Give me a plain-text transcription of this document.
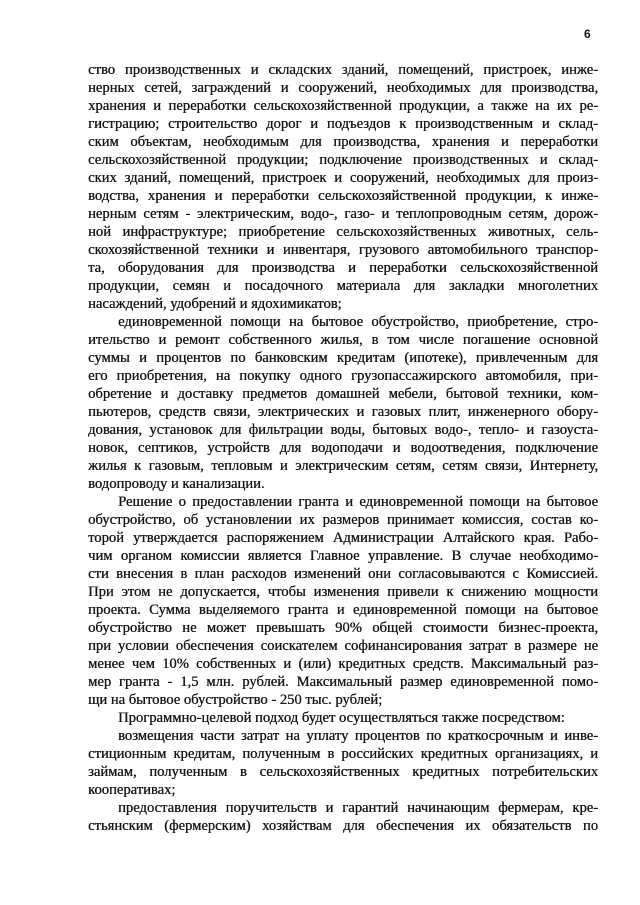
6
ство производственных и складских зданий, помещений, пристроек, инже-
нерных сетей, заграждений и сооружений, необходимых для производства,
хранения и переработки сельскохозяйственной продукции, а также на их ре-
гистрацию; строительство дорог и подъездов к производственным и склад-
ским объектам, необходимым для производства, хранения и переработки
сельскохозяйственной продукции; подключение производственных и склад-
ских зданий, помещений, пристроек и сооружений, необходимых для произ-
водства, хранения и переработки сельскохозяйственной продукции, к инже-
нерным сетям - электрическим, водо-, газо- и теплопроводным сетям, дорож-
ной инфраструктуре; приобретение сельскохозяйственных животных, сель-
скохозяйственной техники и инвентаря, грузового автомобильного транспор-
та, оборудования для производства и переработки сельскохозяйственной
продукции, семян и посадочного материала для закладки многолетних
насаждений, удобрений и ядохимикатов;
единовременной помощи на бытовое обустройство, приобретение, стро-
ительство и ремонт собственного жилья, в том числе погашение основной
суммы и процентов по банковским кредитам (ипотеке), привлеченным для
его приобретения, на покупку одного грузопассажирского автомобиля, при-
обретение и доставку предметов домашней мебели, бытовой техники, ком-
пьютеров, средств связи, электрических и газовых плит, инженерного обору-
дования, установок для фильтрации воды, бытовых водо-, тепло- и газоуста-
новок, септиков, устройств для водоподачи и водоотведения, подключение
жилья к газовым, тепловым и электрическим сетям, сетям связи, Интернету,
водопроводу и канализации.
Решение о предоставлении гранта и единовременной помощи на бытовое
обустройство, об установлении их размеров принимает комиссия, состав ко-
торой утверждается распоряжением Администрации Алтайского края. Рабо-
чим органом комиссии является Главное управление. В случае необходимо-
сти внесения в план расходов изменений они согласовываются с Комиссией.
При этом не допускается, чтобы изменения привели к снижению мощности
проекта. Сумма выделяемого гранта и единовременной помощи на бытовое
обустройство не может превышать 90% общей стоимости бизнес-проекта,
при условии обеспечения соискателем софинансирования затрат в размере не
менее чем 10% собственных и (или) кредитных средств. Максимальный раз-
мер гранта - 1,5 млн. рублей. Максимальный размер единовременной помо-
щи на бытовое обустройство - 250 тыс. рублей;
Программно-целевой подход будет осуществляться также посредством:
возмещения части затрат на уплату процентов по краткосрочным и инве-
стиционным кредитам, полученным в российских кредитных организациях, и
займам, полученным в сельскохозяйственных кредитных потребительских
кооперативах;
предоставления поручительств и гарантий начинающим фермерам, кре-
стьянским (фермерским) хозяйствам для обеспечения их обязательств по
